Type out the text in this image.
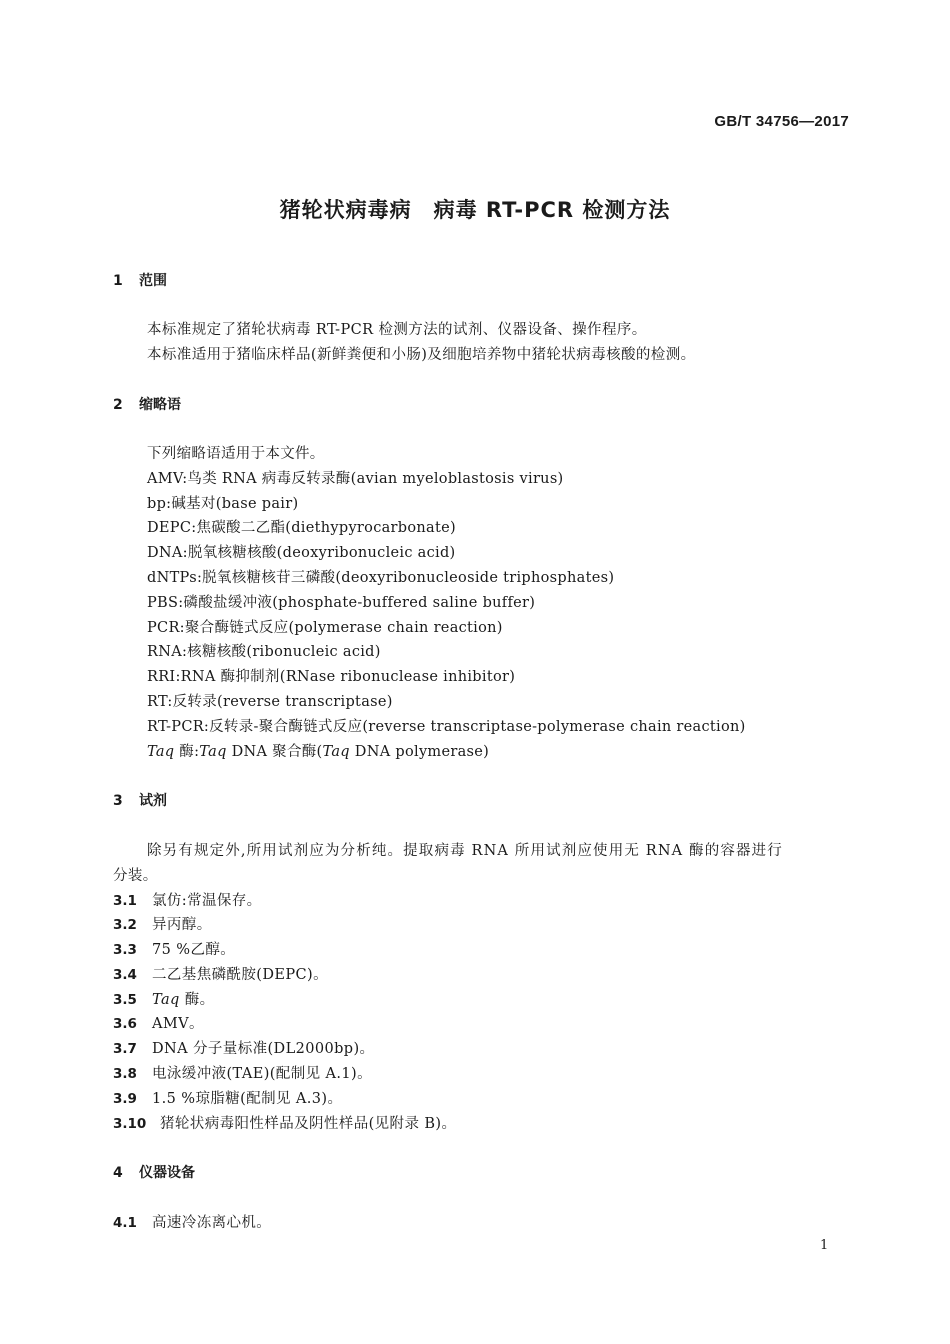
GB/T 34756—2017
猪轮状病毒病　病毒 RT-PCR 检测方法
1 范围
本标准规定了猪轮状病毒 RT-PCR 检测方法的试剂、仪器设备、操作程序。
本标准适用于猪临床样品(新鲜粪便和小肠)及细胞培养物中猪轮状病毒核酸的检测。
2 缩略语
下列缩略语适用于本文件。
AMV:鸟类 RNA 病毒反转录酶(avian myeloblastosis virus)
bp:碱基对(base pair)
DEPC:焦碳酸二乙酯(diethypyrocarbonate)
DNA:脱氧核糖核酸(deoxyribonucleic acid)
dNTPs:脱氧核糖核苷三磷酸(deoxyribonucleoside triphosphates)
PBS:磷酸盐缓冲液(phosphate-buffered saline buffer)
PCR:聚合酶链式反应(polymerase chain reaction)
RNA:核糖核酸(ribonucleic acid)
RRI:RNA 酶抑制剂(RNase ribonuclease inhibitor)
RT:反转录(reverse transcriptase)
RT-PCR:反转录-聚合酶链式反应(reverse transcriptase-polymerase chain reaction)
Taq 酶:Taq DNA 聚合酶(Taq DNA polymerase)
3 试剂
除另有规定外,所用试剂应为分析纯。提取病毒 RNA 所用试剂应使用无 RNA 酶的容器进行
分装。
3.1 氯仿:常温保存。
3.2 异丙醇。
3.3 75 %乙醇。
3.4 二乙基焦磷酰胺(DEPC)。
3.5 Taq 酶。
3.6 AMV。
3.7 DNA 分子量标准(DL2000bp)。
3.8 电泳缓冲液(TAE)(配制见 A.1)。
3.9 1.5 %琼脂糖(配制见 A.3)。
3.10 猪轮状病毒阳性样品及阴性样品(见附录 B)。
4 仪器设备
4.1 高速冷冻离心机。
1
